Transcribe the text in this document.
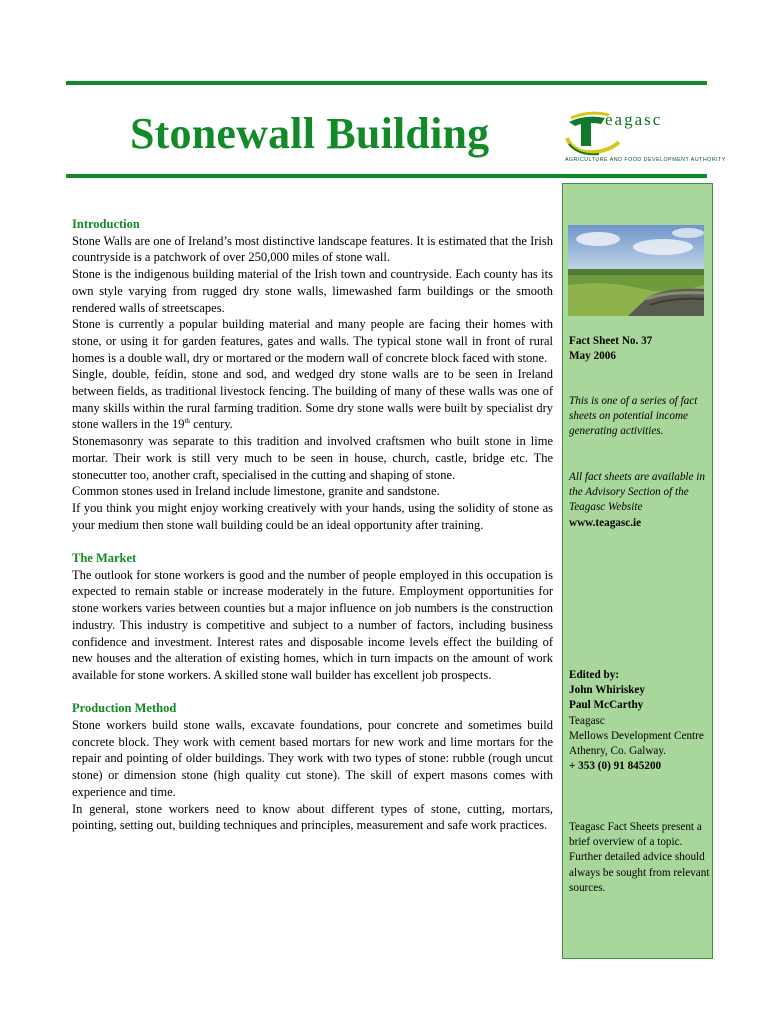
Stonewall Building	eagasc
AGRICULTURE AND FOOD DEVELOPMENT AUTHORITY
Introduction

Stone Walls are one of Ireland’s most distinctive landscape features. It is estimated that the Irish countryside is a patchwork of over 250,000 miles of stone wall.

Stone is the indigenous building material of the Irish town and countryside. Each county has its own style varying from rugged dry stone walls, limewashed farm buildings or the smooth rendered walls of streetscapes.

Stone is currently a popular building material and many people are facing their homes with stone, or using it for garden features, gates and walls. The typical stone wall in front of rural homes is a double wall, dry or mortared or the modern wall of concrete block faced with stone.

Single, double, feídin, stone and sod, and wedged dry stone walls are to be seen in Ireland between fields, as traditional livestock fencing. The building of many of these walls was one of many skills within the rural farming tradition. Some dry stone walls were built by specialist dry stone wallers in the 19th century.

Stonemasonry was separate to this tradition and involved craftsmen who built stone in lime mortar. Their work is still very much to be seen in house, church, castle, bridge etc. The stonecutter too, another craft, specialised in the cutting and shaping of stone.

Common stones used in Ireland include limestone, granite and sandstone.

If you think you might enjoy working creatively with your hands, using the solidity of stone as your medium then stone wall building could be an ideal opportunity after training.

The Market

The outlook for stone workers is good and the number of people employed in this occupation is expected to remain stable or increase moderately in the future. Employment opportunities for stone workers varies between counties but a major influence on job numbers is the construction industry. This industry is competitive and subject to a number of factors, including business confidence and investment. Interest rates and disposable income levels effect the building of new houses and the alteration of existing homes, which in turn impacts on the amount of work available for stone workers. A skilled stone wall builder has excellent job prospects.

Production Method

Stone workers build stone walls, excavate foundations, pour concrete and sometimes build concrete block. They work with cement based mortars for new work and lime mortars for the repair and pointing of older buildings. They work with two types of stone: rubble (rough uncut stone) or dimension stone (high quality cut stone). The skill of expert masons comes with experience and time.

In general, stone workers need to know about different types of stone, cutting, mortars, pointing, setting out, building techniques and principles, measurement and safe work practices.

Fact Sheet No. 37
May 2006
This is one of a series of fact sheets on potential income generating activities.
All fact sheets are available in the Advisory Section of the Teagasc Website
www.teagasc.ie
Edited by:
John Whiriskey
Paul McCarthy
Teagasc
Mellows Development Centre
Athenry, Co. Galway.
+ 353 (0) 91 845200
Teagasc Fact Sheets present a brief overview of a topic. Further detailed advice should always be sought from relevant sources.
